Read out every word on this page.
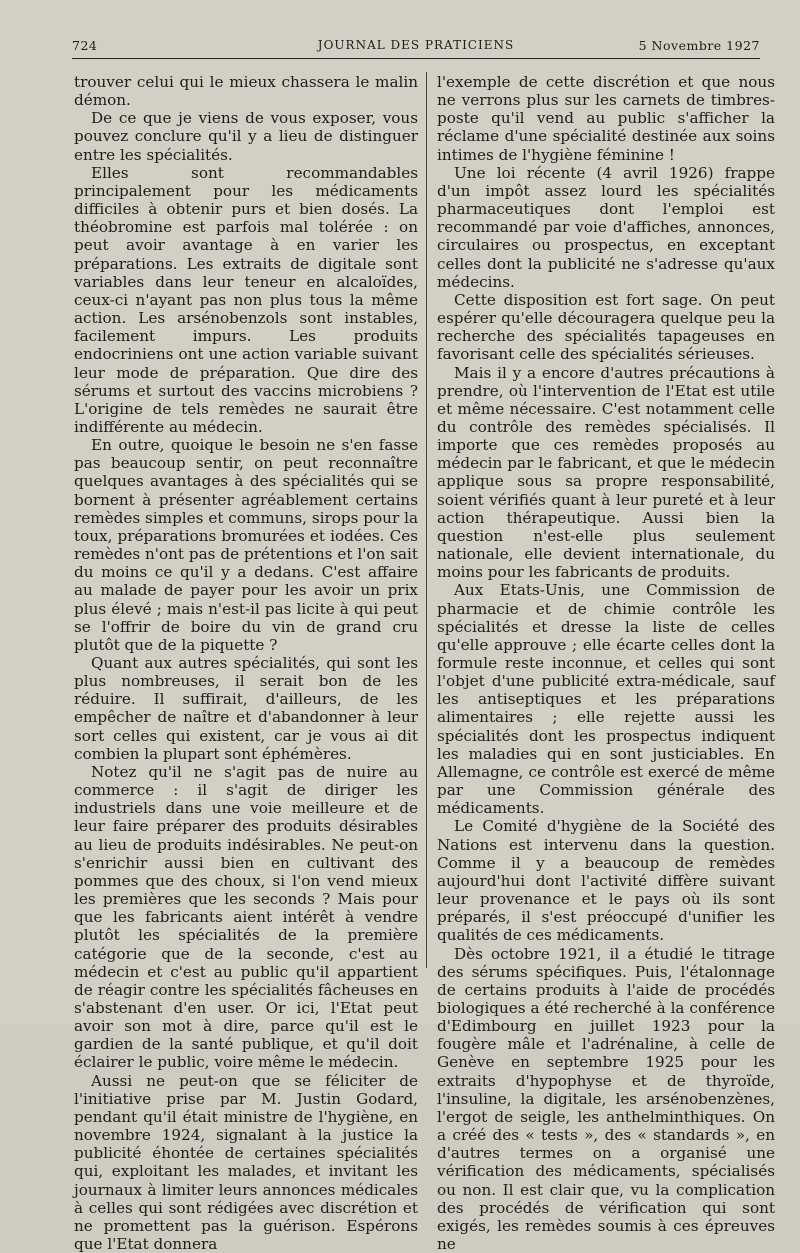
724	JOURNAL DES PRATICIENS	5 Novembre 1927

trouver celui qui le mieux chassera le malin démon.

De ce que je viens de vous exposer, vous pouvez conclure qu'il y a lieu de distinguer entre les spécialités.

Elles sont recommandables principalement pour les médicaments difficiles à obtenir purs et bien dosés. La théobromine est parfois mal tolérée : on peut avoir avantage à en varier les préparations. Les extraits de digitale sont variables dans leur teneur en alcaloïdes, ceux-ci n'ayant pas non plus tous la même action. Les arsénobenzols sont instables, facilement impurs. Les produits endocriniens ont une action variable suivant leur mode de préparation. Que dire des sérums et surtout des vaccins microbiens ? L'origine de tels remèdes ne saurait être indifférente au médecin.

En outre, quoique le besoin ne s'en fasse pas beaucoup sentir, on peut reconnaître quelques avantages à des spécialités qui se bornent à présenter agréablement certains remèdes simples et communs, sirops pour la toux, préparations bromurées et iodées. Ces remèdes n'ont pas de prétentions et l'on sait du moins ce qu'il y a dedans. C'est affaire au malade de payer pour les avoir un prix plus élevé ; mais n'est-il pas licite à qui peut se l'offrir de boire du vin de grand cru plutôt que de la piquette ?

Quant aux autres spécialités, qui sont les plus nombreuses, il serait bon de les réduire. Il suffirait, d'ailleurs, de les empêcher de naître et d'abandonner à leur sort celles qui existent, car je vous ai dit combien la plupart sont éphémères.

Notez qu'il ne s'agit pas de nuire au commerce : il s'agit de diriger les industriels dans une voie meilleure et de leur faire préparer des produits désirables au lieu de produits indésirables. Ne peut-on s'enrichir aussi bien en cultivant des pommes que des choux, si l'on vend mieux les premières que les seconds ? Mais pour que les fabricants aient intérêt à vendre plutôt les spécialités de la première catégorie que de la seconde, c'est au médecin et c'est au public qu'il appartient de réagir contre les spécialités fâcheuses en s'abstenant d'en user. Or ici, l'Etat peut avoir son mot à dire, parce qu'il est le gardien de la santé publique, et qu'il doit éclairer le public, voire même le médecin.

Aussi ne peut-on que se féliciter de l'initiative prise par M. Justin Godard, pendant qu'il était ministre de l'hygiène, en novembre 1924, signalant à la justice la publicité éhontée de certaines spécialités qui, exploitant les malades, et invitant les journaux à limiter leurs annonces médicales à celles qui sont rédigées avec discrétion et ne promettent pas la guérison. Espérons que l'Etat donnera

l'exemple de cette discrétion et que nous ne verrons plus sur les carnets de timbres-poste qu'il vend au public s'afficher la réclame d'une spécialité destinée aux soins intimes de l'hygiène féminine !

Une loi récente (4 avril 1926) frappe d'un impôt assez lourd les spécialités pharmaceutiques dont l'emploi est recommandé par voie d'affiches, annonces, circulaires ou prospectus, en exceptant celles dont la publicité ne s'adresse qu'aux médecins.

Cette disposition est fort sage. On peut espérer qu'elle découragera quelque peu la recherche des spécialités tapageuses en favorisant celle des spécialités sérieuses.

Mais il y a encore d'autres précautions à prendre, où l'intervention de l'Etat est utile et même nécessaire. C'est notamment celle du contrôle des remèdes spécialisés. Il importe que ces remèdes proposés au médecin par le fabricant, et que le médecin applique sous sa propre responsabilité, soient vérifiés quant à leur pureté et à leur action thérapeutique. Aussi bien la question n'est-elle plus seulement nationale, elle devient internationale, du moins pour les fabricants de produits.

Aux Etats-Unis, une Commission de pharmacie et de chimie contrôle les spécialités et dresse la liste de celles qu'elle approuve ; elle écarte celles dont la formule reste inconnue, et celles qui sont l'objet d'une publicité extra-médicale, sauf les antiseptiques et les préparations alimentaires ; elle rejette aussi les spécialités dont les prospectus indiquent les maladies qui en sont justiciables. En Allemagne, ce contrôle est exercé de même par une Commission générale des médicaments.

Le Comité d'hygiène de la Société des Nations est intervenu dans la question. Comme il y a beaucoup de remèdes aujourd'hui dont l'activité diffère suivant leur provenance et le pays où ils sont préparés, il s'est préoccupé d'unifier les qualités de ces médicaments.

Dès octobre 1921, il a étudié le titrage des sérums spécifiques. Puis, l'étalonnage de certains produits à l'aide de procédés biologiques a été recherché à la conférence d'Edimbourg en juillet 1923 pour la fougère mâle et l'adrénaline, à celle de Genève en septembre 1925 pour les extraits d'hypophyse et de thyroïde, l'insuline, la digitale, les arsénobenzènes, l'ergot de seigle, les anthelminthiques. On a créé des « tests », des « standards », en d'autres termes on a organisé une vérification des médicaments, spécialisés ou non. Il est clair que, vu la complication des procédés de vérification qui sont exigés, les remèdes soumis à ces épreuves ne
